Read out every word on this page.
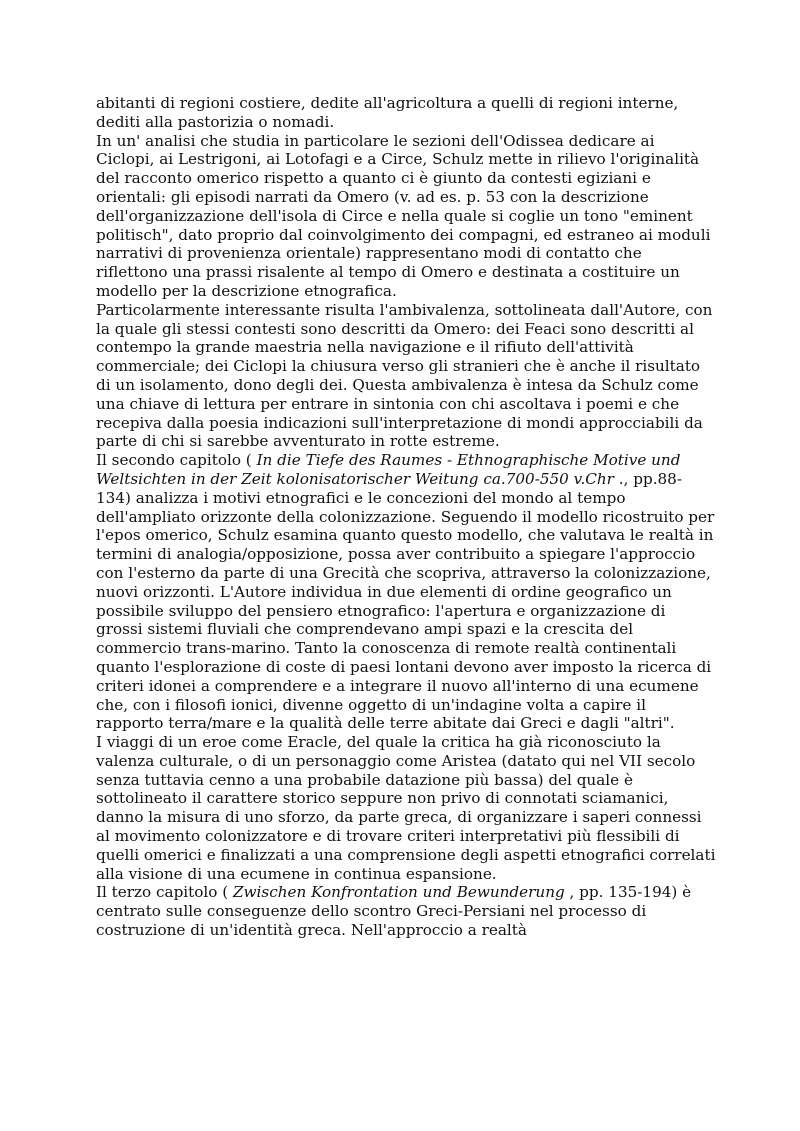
abitanti di regioni costiere, dedite all'agricoltura a quelli di regioni interne, dediti alla pastorizia o nomadi.

In un' analisi che studia in particolare le sezioni dell'Odissea dedicare ai Ciclopi, ai Lestrigoni, ai Lotofagi e a Circe, Schulz mette in rilievo l'originalità del racconto omerico rispetto a quanto ci è giunto da contesti egiziani e orientali: gli episodi narrati da Omero (v. ad es. p. 53 con la descrizione dell'organizzazione dell'isola di Circe e nella quale si coglie un tono "eminent politisch", dato proprio dal coinvolgimento dei compagni, ed estraneo ai moduli narrativi di provenienza orientale) rappresentano modi di contatto che riflettono una prassi risalente al tempo di Omero e destinata a costituire un modello per la descrizione etnografica.

Particolarmente interessante risulta l'ambivalenza, sottolineata dall'Autore, con la quale gli stessi contesti sono descritti da Omero: dei Feaci sono descritti al contempo la grande maestria nella navigazione e il rifiuto dell'attività commerciale; dei Ciclopi la chiusura verso gli stranieri che è anche il risultato di un isolamento, dono degli dei. Questa ambivalenza è intesa da Schulz come una chiave di lettura per entrare in sintonia con chi ascoltava i poemi e che recepiva dalla poesia indicazioni sull'interpretazione di mondi approcciabili da parte di chi si sarebbe avventurato in rotte estreme.

Il secondo capitolo ( In die Tiefe des Raumes - Ethnographische Motive und Weltsichten in der Zeit kolonisatorischer Weitung ca.700-550 v.Chr ., pp.88-134) analizza i motivi etnografici e le concezioni del mondo al tempo dell'ampliato orizzonte della colonizzazione. Seguendo il modello ricostruito per l'epos omerico, Schulz esamina quanto questo modello, che valutava le realtà in termini di analogia/opposizione, possa aver contribuito a spiegare l'approccio con l'esterno da parte di una Grecità che scopriva, attraverso la colonizzazione, nuovi orizzonti. L'Autore individua in due elementi di ordine geografico un possibile sviluppo del pensiero etnografico: l'apertura e organizzazione di grossi sistemi fluviali che comprendevano ampi spazi e la crescita del commercio trans-marino. Tanto la conoscenza di remote realtà continentali quanto l'esplorazione di coste di paesi lontani devono aver imposto la ricerca di criteri idonei a comprendere e a integrare il nuovo all'interno di una ecumene che, con i filosofi ionici, divenne oggetto di un'indagine volta a capire il rapporto terra/mare e la qualità delle terre abitate dai Greci e dagli "altri".

I viaggi di un eroe come Eracle, del quale la critica ha già riconosciuto la valenza culturale, o di un personaggio come Aristea (datato qui nel VII secolo senza tuttavia cenno a una probabile datazione più bassa) del quale è sottolineato il carattere storico seppure non privo di connotati sciamanici, danno la misura di uno sforzo, da parte greca, di organizzare i saperi connessi al movimento colonizzatore e di trovare criteri interpretativi più flessibili di quelli omerici e finalizzati a una comprensione degli aspetti etnografici correlati alla visione di una ecumene in continua espansione.

Il terzo capitolo ( Zwischen Konfrontation und Bewunderung , pp. 135-194) è centrato sulle conseguenze dello scontro Greci-Persiani nel processo di costruzione di un'identità greca. Nell'approccio a realtà
